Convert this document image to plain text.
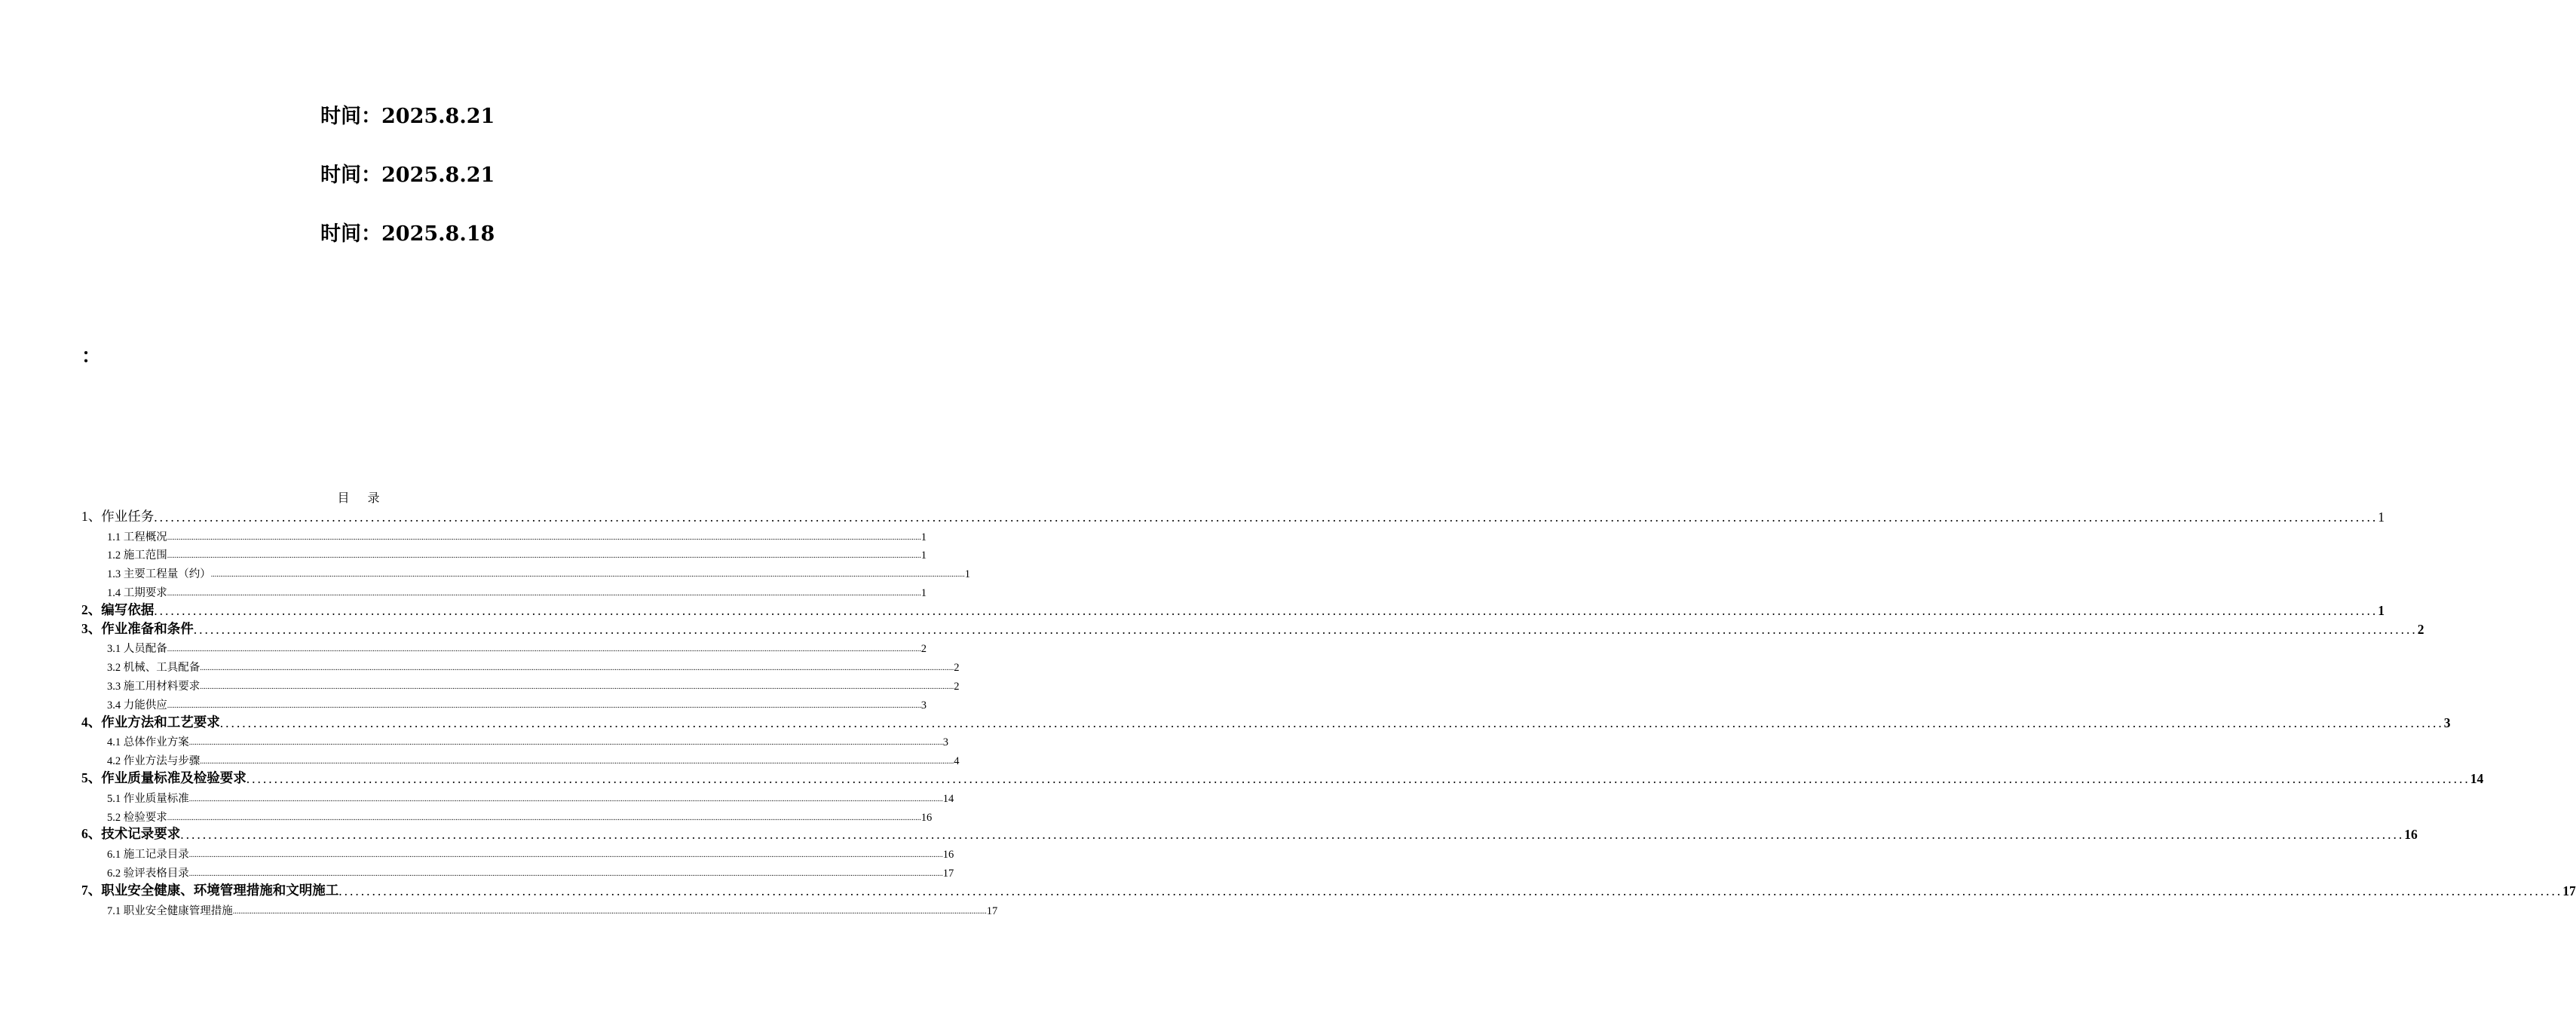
时间：2025.8.21
时间：2025.8.21
时间：2025.8.18
：
目录
1、作业任务 ................................................................................................................................................................................................................................................................................................................................................................................................................ 1
1.1 工程概况 ................................................................................................................................................................................................................................................................................................................................................................................................................ 1
1.2 施工范围 ................................................................................................................................................................................................................................................................................................................................................................................................................ 1
1.3 主要工程量（约） ................................................................................................................................................................................................................................................................................................................................................................................................................ 1
1.4 工期要求 ................................................................................................................................................................................................................................................................................................................................................................................................................ 1
2、编写依据 ................................................................................................................................................................................................................................................................................................................................................................................................................ 1
3、作业准备和条件 ................................................................................................................................................................................................................................................................................................................................................................................................................ 2
3.1 人员配备 ................................................................................................................................................................................................................................................................................................................................................................................................................ 2
3.2 机械、工具配备 ................................................................................................................................................................................................................................................................................................................................................................................................................ 2
3.3 施工用材料要求 ................................................................................................................................................................................................................................................................................................................................................................................................................ 2
3.4 力能供应 ................................................................................................................................................................................................................................................................................................................................................................................................................ 3
4、作业方法和工艺要求 ................................................................................................................................................................................................................................................................................................................................................................................................................ 3
4.1 总体作业方案 ................................................................................................................................................................................................................................................................................................................................................................................................................ 3
4.2 作业方法与步骤 ................................................................................................................................................................................................................................................................................................................................................................................................................ 4
5、作业质量标准及检验要求 ................................................................................................................................................................................................................................................................................................................................................................................................................ 14
5.1 作业质量标准 ................................................................................................................................................................................................................................................................................................................................................................................................................ 14
5.2 检验要求 ................................................................................................................................................................................................................................................................................................................................................................................................................ 16
6、技术记录要求 ................................................................................................................................................................................................................................................................................................................................................................................................................ 16
6.1 施工记录目录 ................................................................................................................................................................................................................................................................................................................................................................................................................ 16
6.2 验评表格目录 ................................................................................................................................................................................................................................................................................................................................................................................................................ 17
7、职业安全健康、环境管理措施和文明施工 ................................................................................................................................................................................................................................................................................................................................................................................................................ 17
7.1 职业安全健康管理措施 ................................................................................................................................................................................................................................................................................................................................................................................................................ 17
